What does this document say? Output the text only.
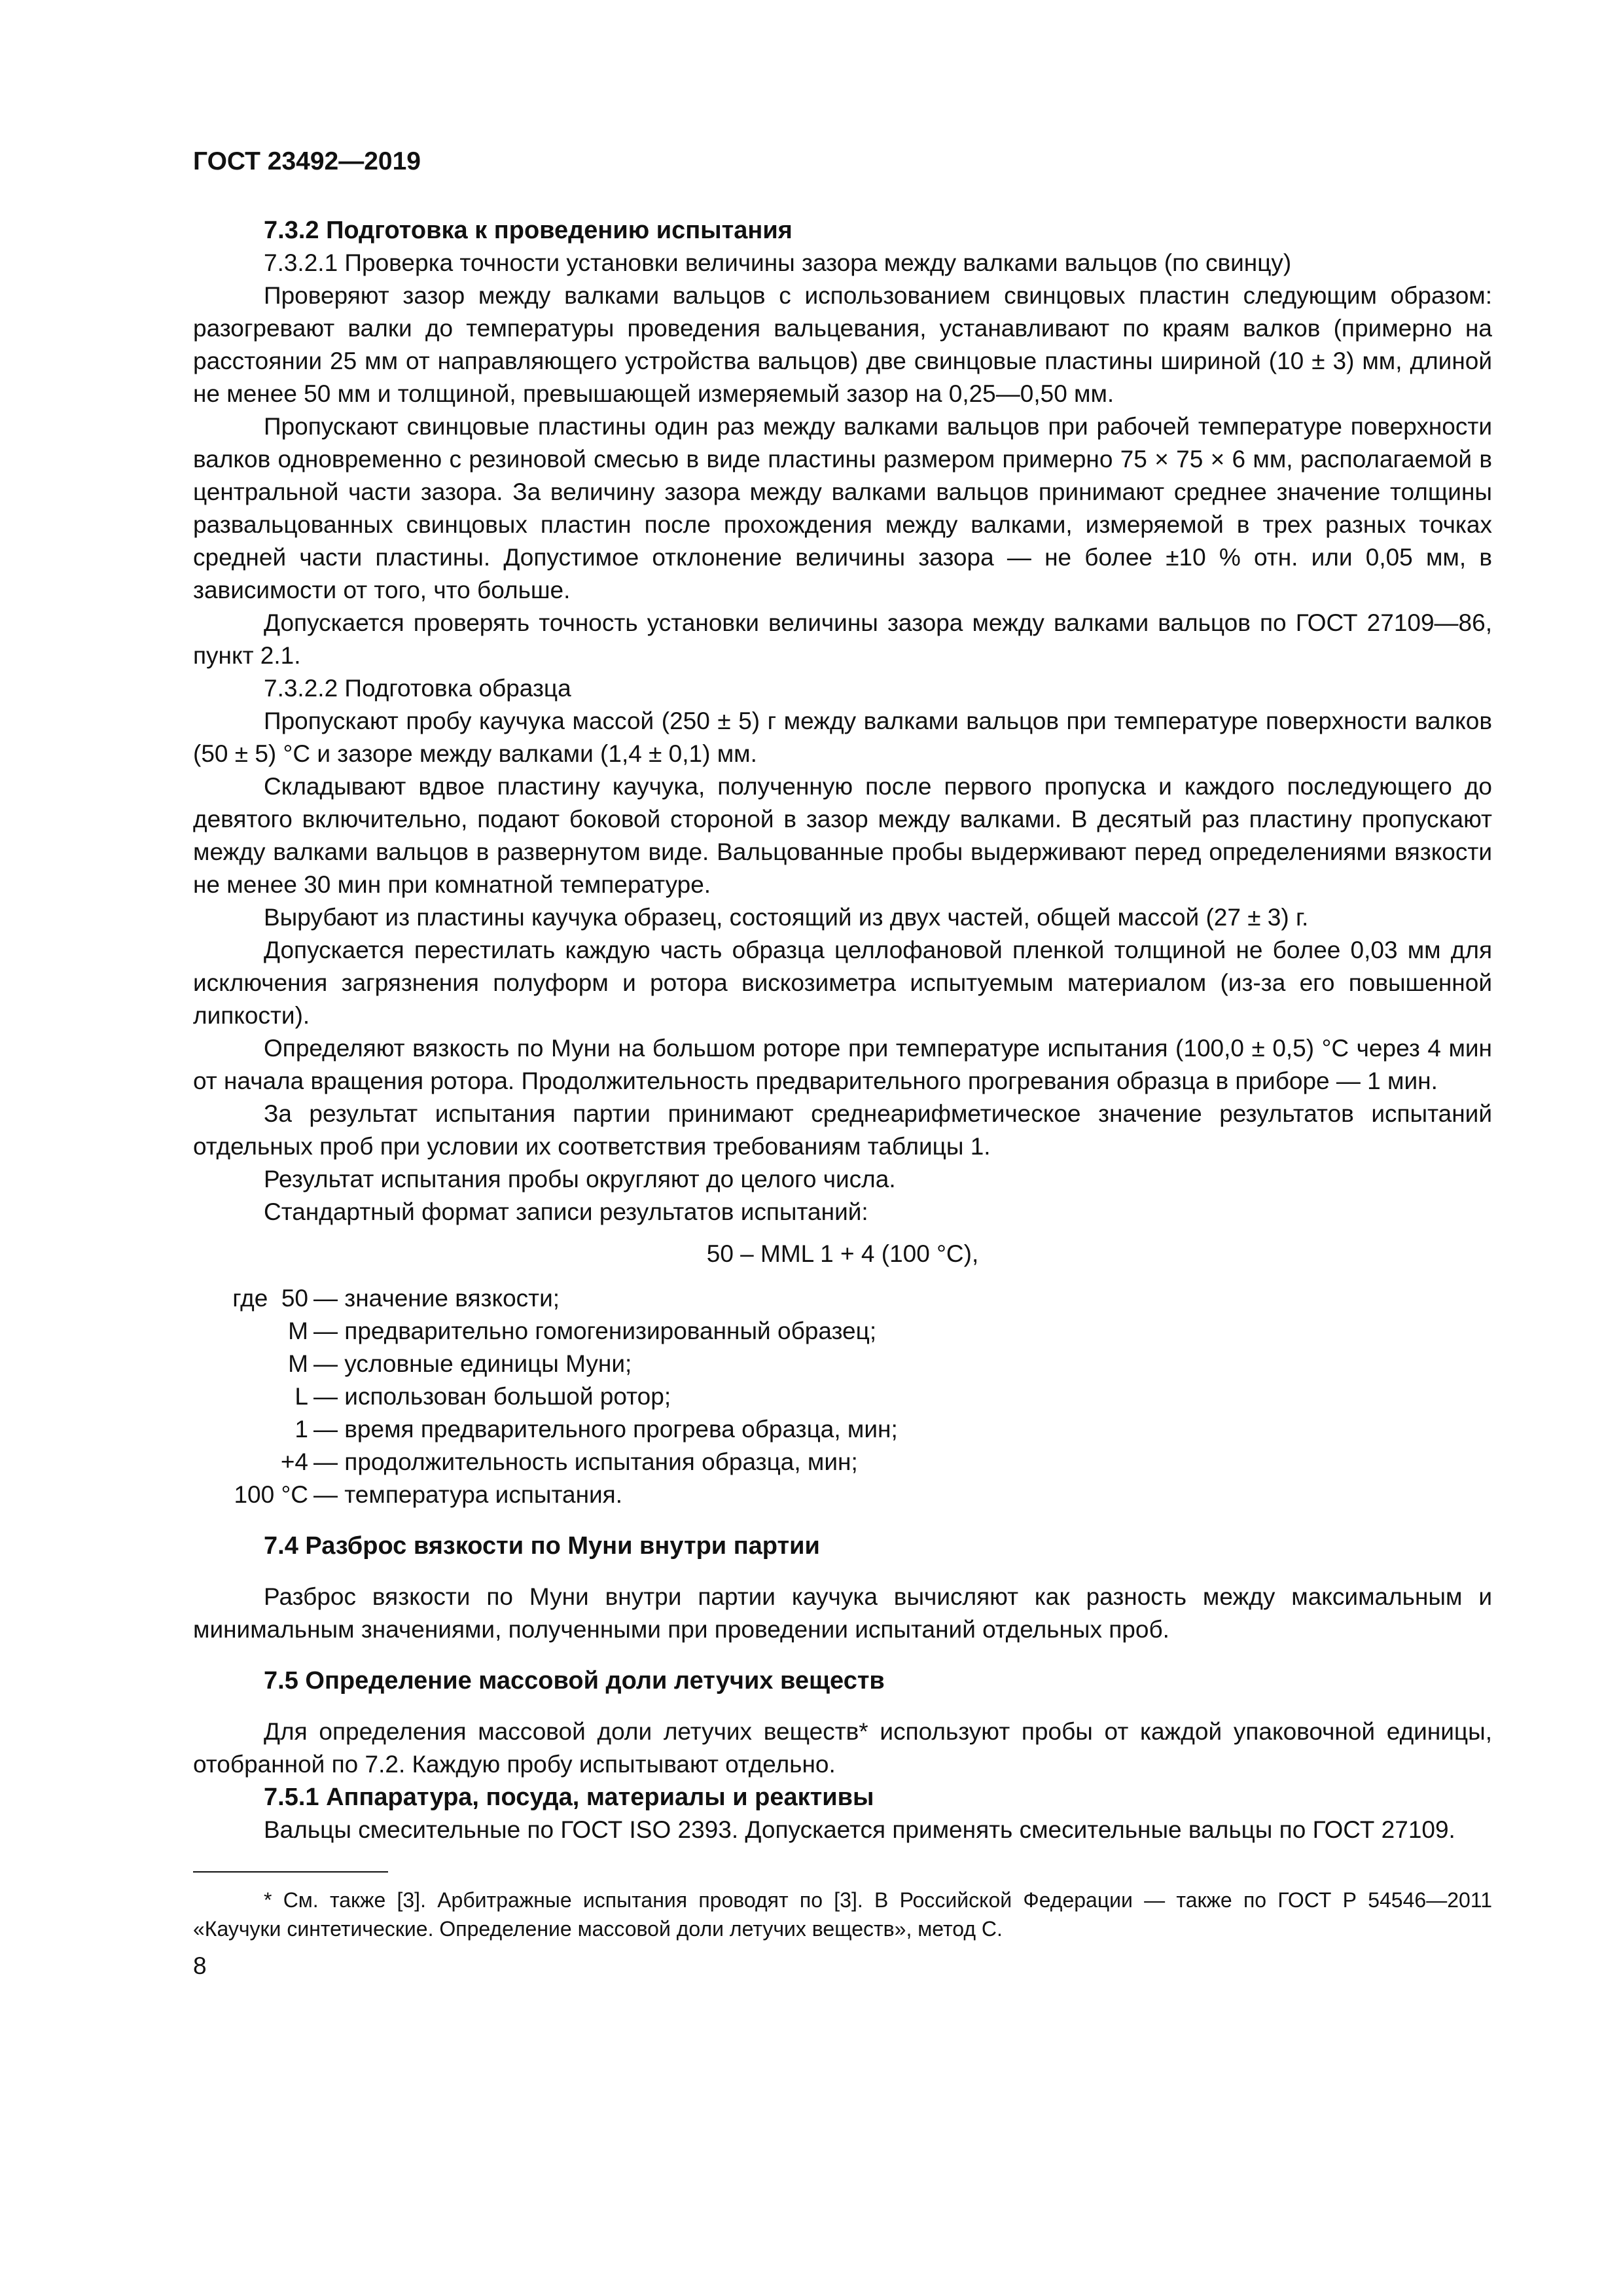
ГОСТ 23492—2019

7.3.2 Подготовка к проведению испытания

7.3.2.1 Проверка точности установки величины зазора между валками вальцов (по свинцу)

Проверяют зазор между валками вальцов с использованием свинцовых пластин следующим образом: разогревают валки до температуры проведения вальцевания, устанавливают по краям валков (примерно на расстоянии 25 мм от направляющего устройства вальцов) две свинцовые пластины шириной (10 ± 3) мм, длиной не менее 50 мм и толщиной, превышающей измеряемый зазор на 0,25—0,50 мм.

Пропускают свинцовые пластины один раз между валками вальцов при рабочей температуре поверхности валков одновременно с резиновой смесью в виде пластины размером примерно 75 × 75 × 6 мм, располагаемой в центральной части зазора. За величину зазора между валками вальцов принимают среднее значение толщины развальцованных свинцовых пластин после прохождения между валками, измеряемой в трех разных точках средней части пластины. Допустимое отклонение величины зазора — не более ±10 % отн. или 0,05 мм, в зависимости от того, что больше.

Допускается проверять точность установки величины зазора между валками вальцов по ГОСТ 27109—86, пункт 2.1.

7.3.2.2 Подготовка образца

Пропускают пробу каучука массой (250 ± 5) г между валками вальцов при температуре поверхности валков (50 ± 5) °С и зазоре между валками (1,4 ± 0,1) мм.

Складывают вдвое пластину каучука, полученную после первого пропуска и каждого последующего до девятого включительно, подают боковой стороной в зазор между валками. В десятый раз пластину пропускают между валками вальцов в развернутом виде. Вальцованные пробы выдерживают перед определениями вязкости не менее 30 мин при комнатной температуре.

Вырубают из пластины каучука образец, состоящий из двух частей, общей массой (27 ± 3) г.

Допускается перестилать каждую часть образца целлофановой пленкой толщиной не более 0,03 мм для исключения загрязнения полуформ и ротора вискозиметра испытуемым материалом (из-за его повышенной липкости).

Определяют вязкость по Муни на большом роторе при температуре испытания (100,0 ± 0,5) °С через 4 мин от начала вращения ротора. Продолжительность предварительного прогревания образца в приборе — 1 мин.

За результат испытания партии принимают среднеарифметическое значение результатов испытаний отдельных проб при условии их соответствия требованиям таблицы 1.

Результат испытания пробы округляют до целого числа.

Стандартный формат записи результатов испытаний:

50 – MML 1 + 4 (100 °С),
где  50 — значение вязкости;
M — предварительно гомогенизированный образец;
M — условные единицы Муни;
L — использован большой ротор;
1 — время предварительного прогрева образца, мин;
+4 — продолжительность испытания образца, мин;
100 °С — температура испытания.

7.4 Разброс вязкости по Муни внутри партии

Разброс вязкости по Муни внутри партии каучука вычисляют как разность между максимальным и минимальным значениями, полученными при проведении испытаний отдельных проб.

7.5 Определение массовой доли летучих веществ

Для определения массовой доли летучих веществ* используют пробы от каждой упаковочной единицы, отобранной по 7.2. Каждую пробу испытывают отдельно.

7.5.1 Аппаратура, посуда, материалы и реактивы

Вальцы смесительные по ГОСТ ISO 2393. Допускается применять смесительные вальцы по ГОСТ 27109.

* См. также [3]. Арбитражные испытания проводят по [3]. В Российской Федерации — также по ГОСТ Р 54546—2011 «Каучуки синтетические. Определение массовой доли летучих веществ», метод С.

8
